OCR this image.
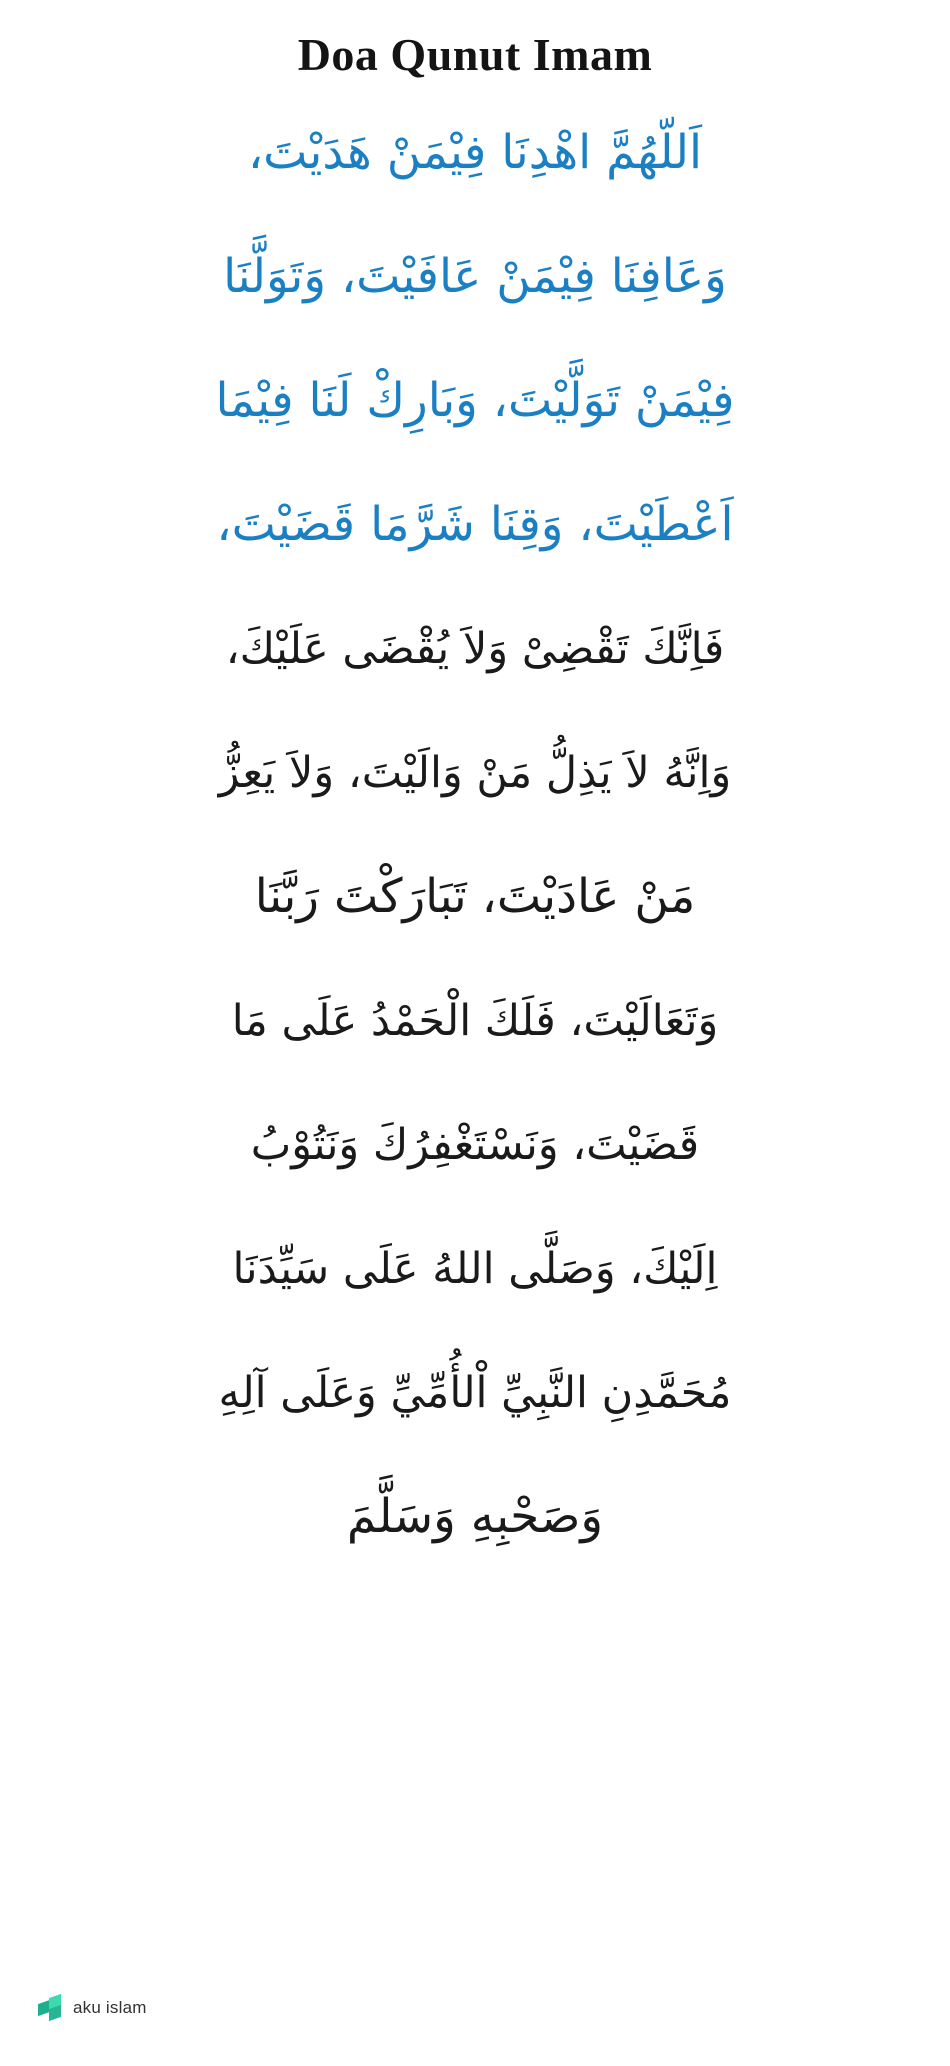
Doa Qunut Imam
اَللّهُمَّ اهْدِنَا فِيْمَنْ هَدَيْتَ،
وَعَافِنَا فِيْمَنْ عَافَيْتَ، وَتَوَلَّنَا
فِيْمَنْ تَوَلَّيْتَ، وَبَارِكْ لَنَا فِيْمَا
اَعْطَيْتَ، وَقِنَا شَرَّمَا قَضَيْتَ،
فَاِنَّكَ تَقْضِىْ وَلاَ يُقْضَى عَلَيْكَ،
وَاِنَّهُ لاَ يَذِلُّ مَنْ وَالَيْتَ، وَلاَ يَعِزُّ
مَنْ عَادَيْتَ، تَبَارَكْتَ رَبَّنَا
وَتَعَالَيْتَ، فَلَكَ الْحَمْدُ عَلَى مَا
قَضَيْتَ، وَنَسْتَغْفِرُكَ وَنَتُوْبُ
اِلَيْكَ، وَصَلَّى اللهُ عَلَى سَيِّدَنَا
مُحَمَّدِنِ النَّبِيِّ اْلأُمِّيِّ وَعَلَى آلِهِ
وَصَحْبِهِ وَسَلَّمَ
aku islam
